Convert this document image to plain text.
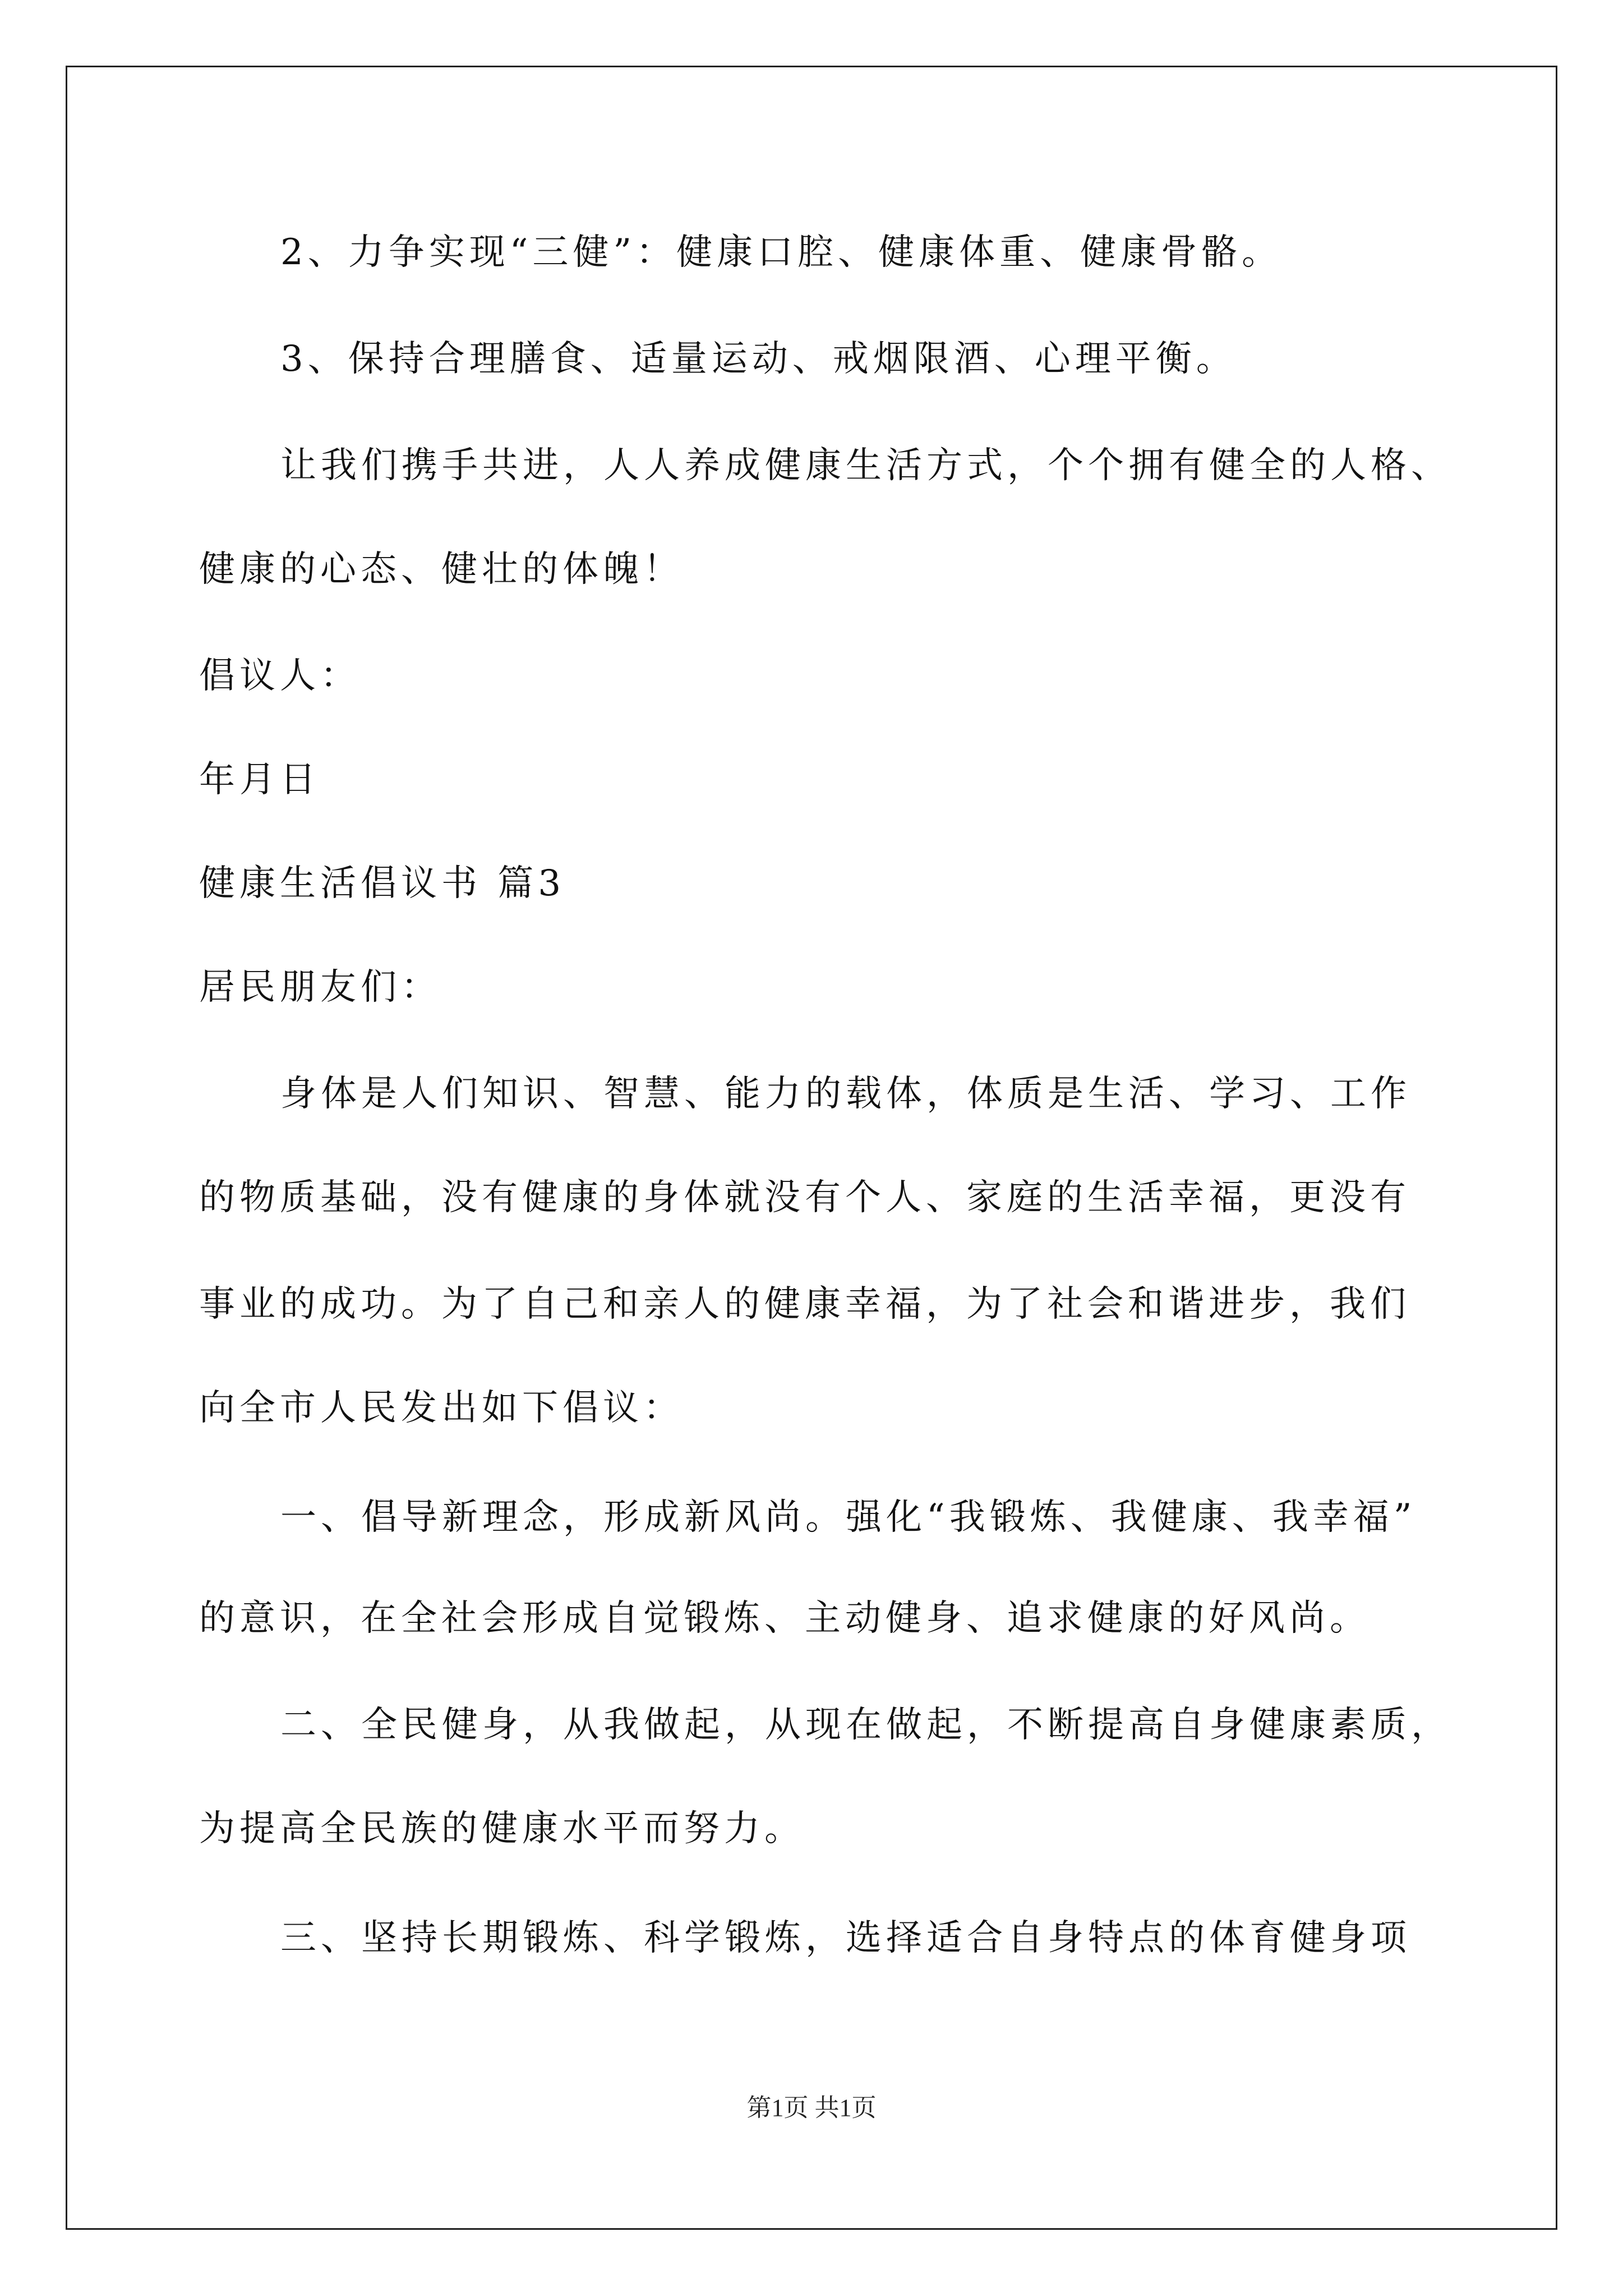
2、力争实现“三健”：健康口腔、健康体重、健康骨骼。
3、保持合理膳食、适量运动、戒烟限酒、心理平衡。
让我们携手共进，人人养成健康生活方式，个个拥有健全的人格、
健康的心态、健壮的体魄！
倡议人：
年月日
健康生活倡议书 篇3
居民朋友们：
身体是人们知识、智慧、能力的载体，体质是生活、学习、工作
的物质基础，没有健康的身体就没有个人、家庭的生活幸福，更没有
事业的成功。为了自己和亲人的健康幸福，为了社会和谐进步，我们
向全市人民发出如下倡议：
一、倡导新理念，形成新风尚。强化“我锻炼、我健康、我幸福”
的意识，在全社会形成自觉锻炼、主动健身、追求健康的好风尚。
二、全民健身，从我做起，从现在做起，不断提高自身健康素质，
为提高全民族的健康水平而努力。
三、坚持长期锻炼、科学锻炼，选择适合自身特点的体育健身项
第1页 共1页
